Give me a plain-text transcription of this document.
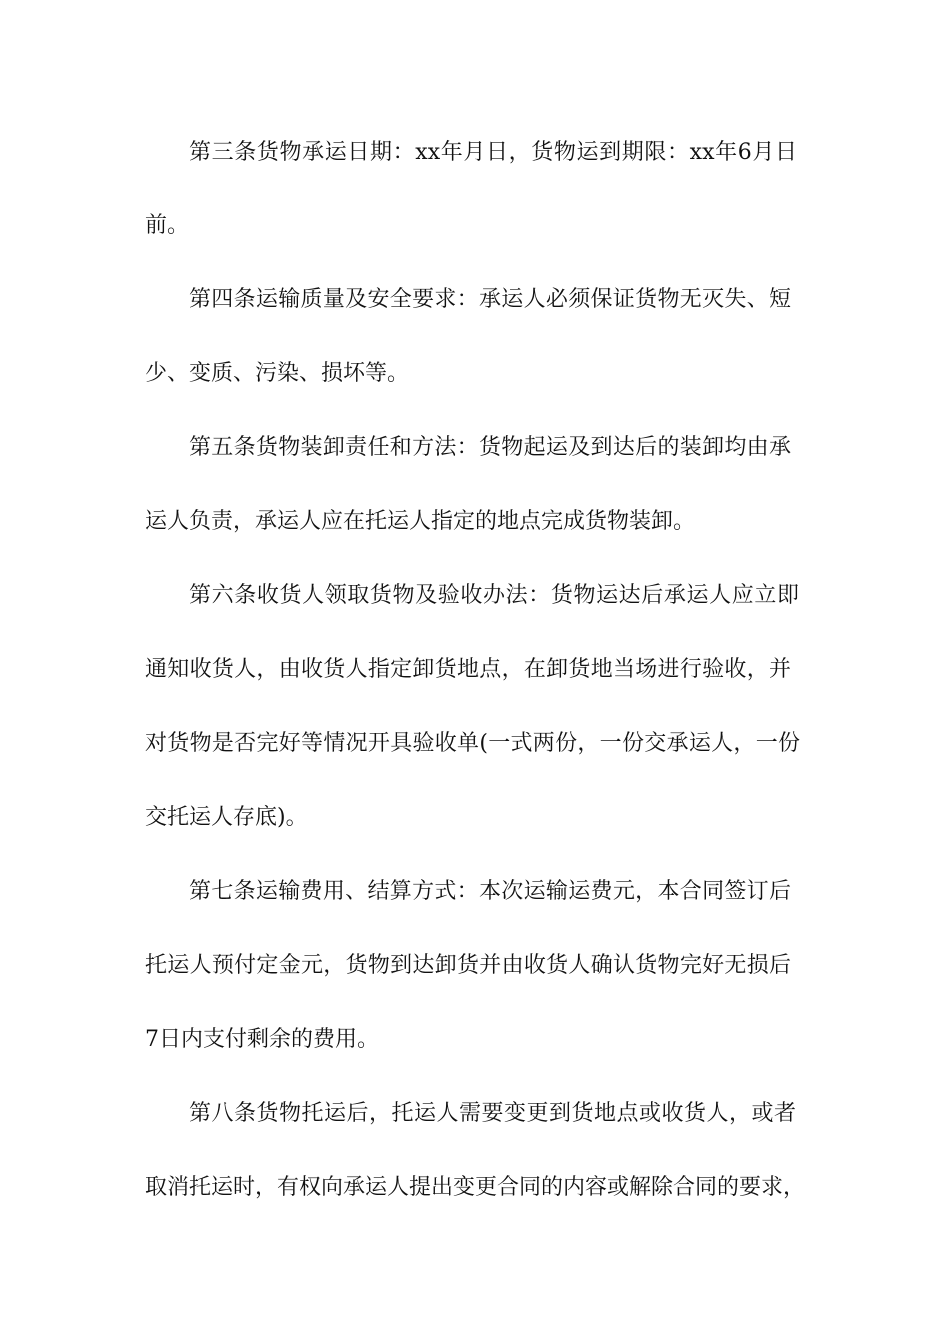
第三条货物承运日期：xx年月日，货物运到期限：xx年6月日
前。
第四条运输质量及安全要求：承运人必须保证货物无灭失、短
少、变质、污染、损坏等。
第五条货物装卸责任和方法：货物起运及到达后的装卸均由承
运人负责，承运人应在托运人指定的地点完成货物装卸。
第六条收货人领取货物及验收办法：货物运达后承运人应立即
通知收货人，由收货人指定卸货地点，在卸货地当场进行验收，并
对货物是否完好等情况开具验收单(一式两份，一份交承运人，一份
交托运人存底)。
第七条运输费用、结算方式：本次运输运费元，本合同签订后
托运人预付定金元，货物到达卸货并由收货人确认货物完好无损后
7日内支付剩余的费用。
第八条货物托运后，托运人需要变更到货地点或收货人，或者
取消托运时，有权向承运人提出变更合同的内容或解除合同的要求，
